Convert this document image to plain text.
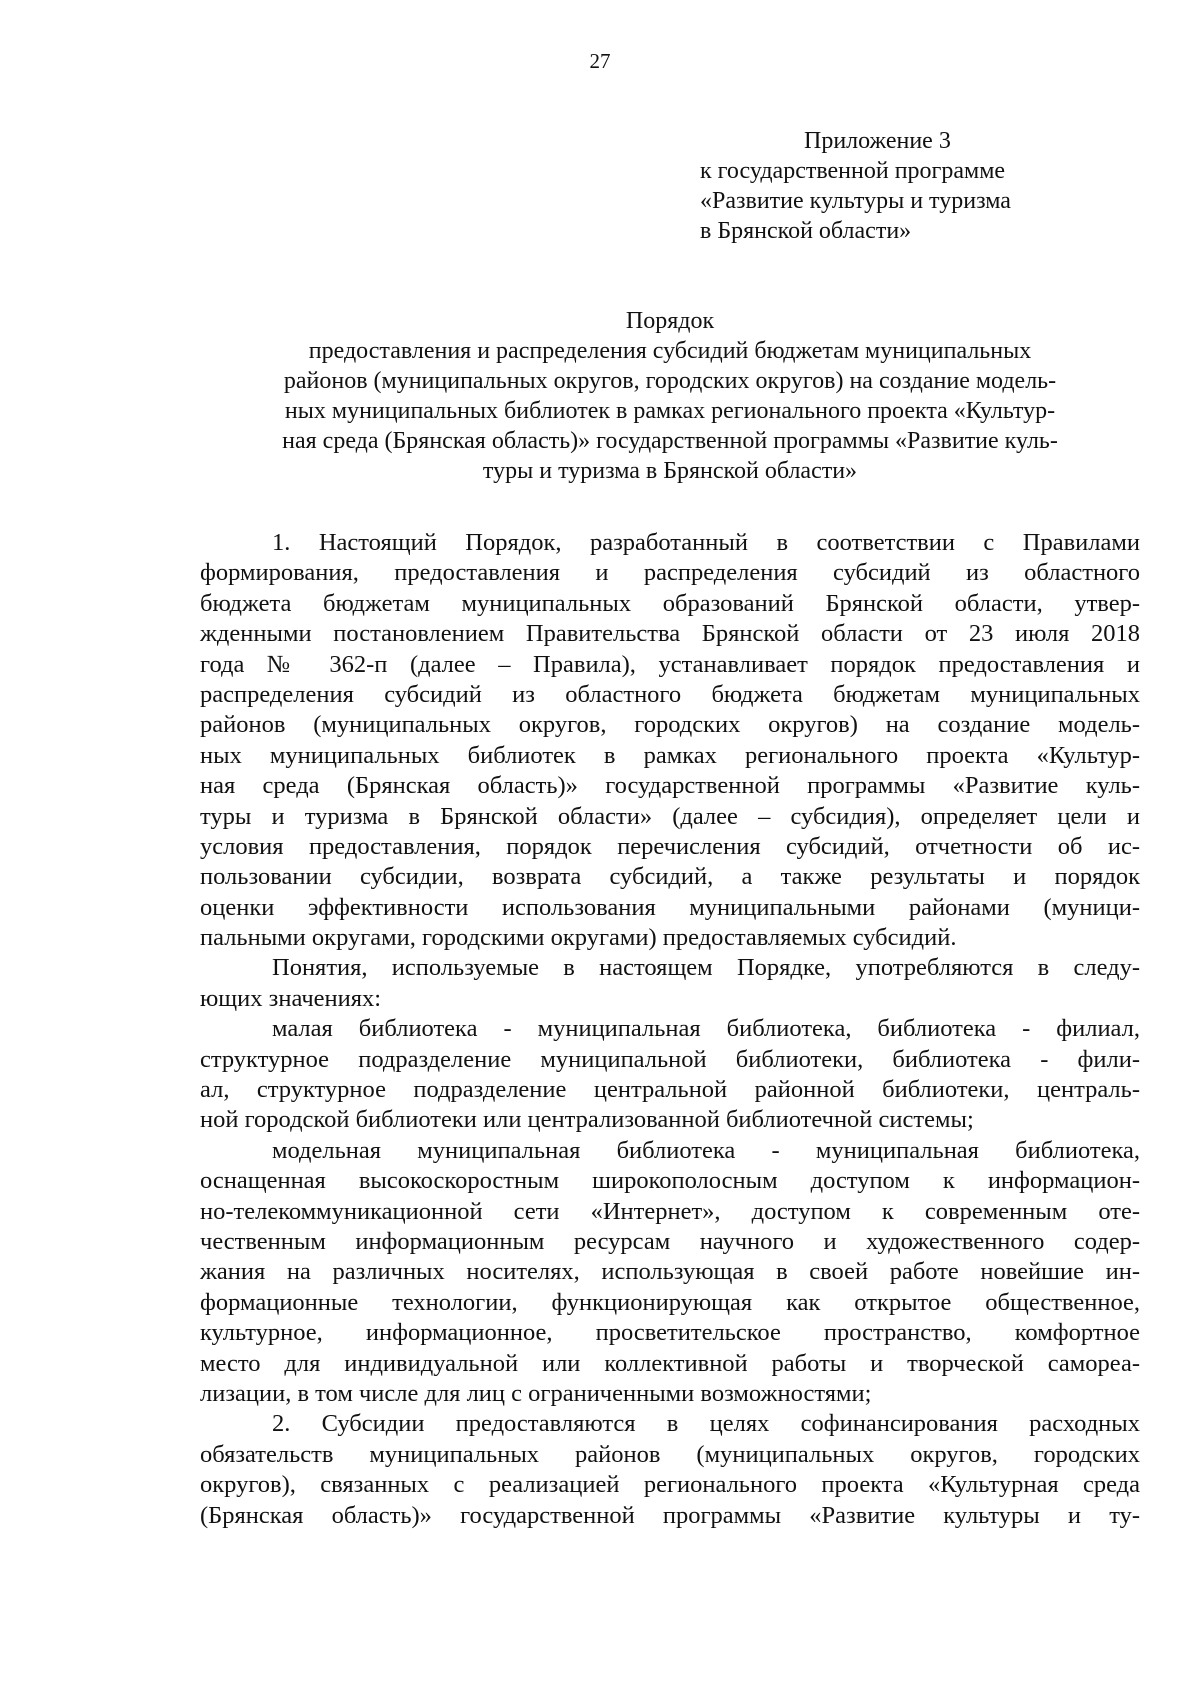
27
Приложение 3
к государственной программе
«Развитие культуры и туризма
в Брянской области»
Порядок
предоставления и распределения субсидий бюджетам муниципальных
районов (муниципальных округов, городских округов) на создание модель-
ных муниципальных библиотек в рамках регионального проекта «Культур-
ная среда (Брянская область)» государственной программы «Развитие куль-
туры и туризма в Брянской области»
1. Настоящий Порядок, разработанный в соответствии с Правилами
формирования, предоставления и распределения субсидий из областного
бюджета бюджетам муниципальных образований Брянской области, утвер-
жденными постановлением Правительства Брянской области от 23 июля 2018
года № 362-п (далее – Правила), устанавливает порядок предоставления и
распределения субсидий из областного бюджета бюджетам муниципальных
районов (муниципальных округов, городских округов) на создание модель-
ных муниципальных библиотек в рамках регионального проекта «Культур-
ная среда (Брянская область)» государственной программы «Развитие куль-
туры и туризма в Брянской области» (далее – субсидия), определяет цели и
условия предоставления, порядок перечисления субсидий, отчетности об ис-
пользовании субсидии, возврата субсидий, а также результаты и порядок
оценки эффективности использования муниципальными районами (муници-
пальными округами, городскими округами) предоставляемых субсидий.
Понятия, используемые в настоящем Порядке, употребляются в следу-
ющих значениях:
малая библиотека - муниципальная библиотека, библиотека - филиал,
структурное подразделение муниципальной библиотеки, библиотека - фили-
ал, структурное подразделение центральной районной библиотеки, централь-
ной городской библиотеки или централизованной библиотечной системы;
модельная муниципальная библиотека - муниципальная библиотека,
оснащенная высокоскоростным широкополосным доступом к информацион-
но-телекоммуникационной сети «Интернет», доступом к современным оте-
чественным информационным ресурсам научного и художественного содер-
жания на различных носителях, использующая в своей работе новейшие ин-
формационные технологии, функционирующая как открытое общественное,
культурное, информационное, просветительское пространство, комфортное
место для индивидуальной или коллективной работы и творческой самореа-
лизации, в том числе для лиц с ограниченными возможностями;
2. Субсидии предоставляются в целях софинансирования расходных
обязательств муниципальных районов (муниципальных округов, городских
округов), связанных с реализацией регионального проекта «Культурная среда
(Брянская область)» государственной программы «Развитие культуры и ту-
